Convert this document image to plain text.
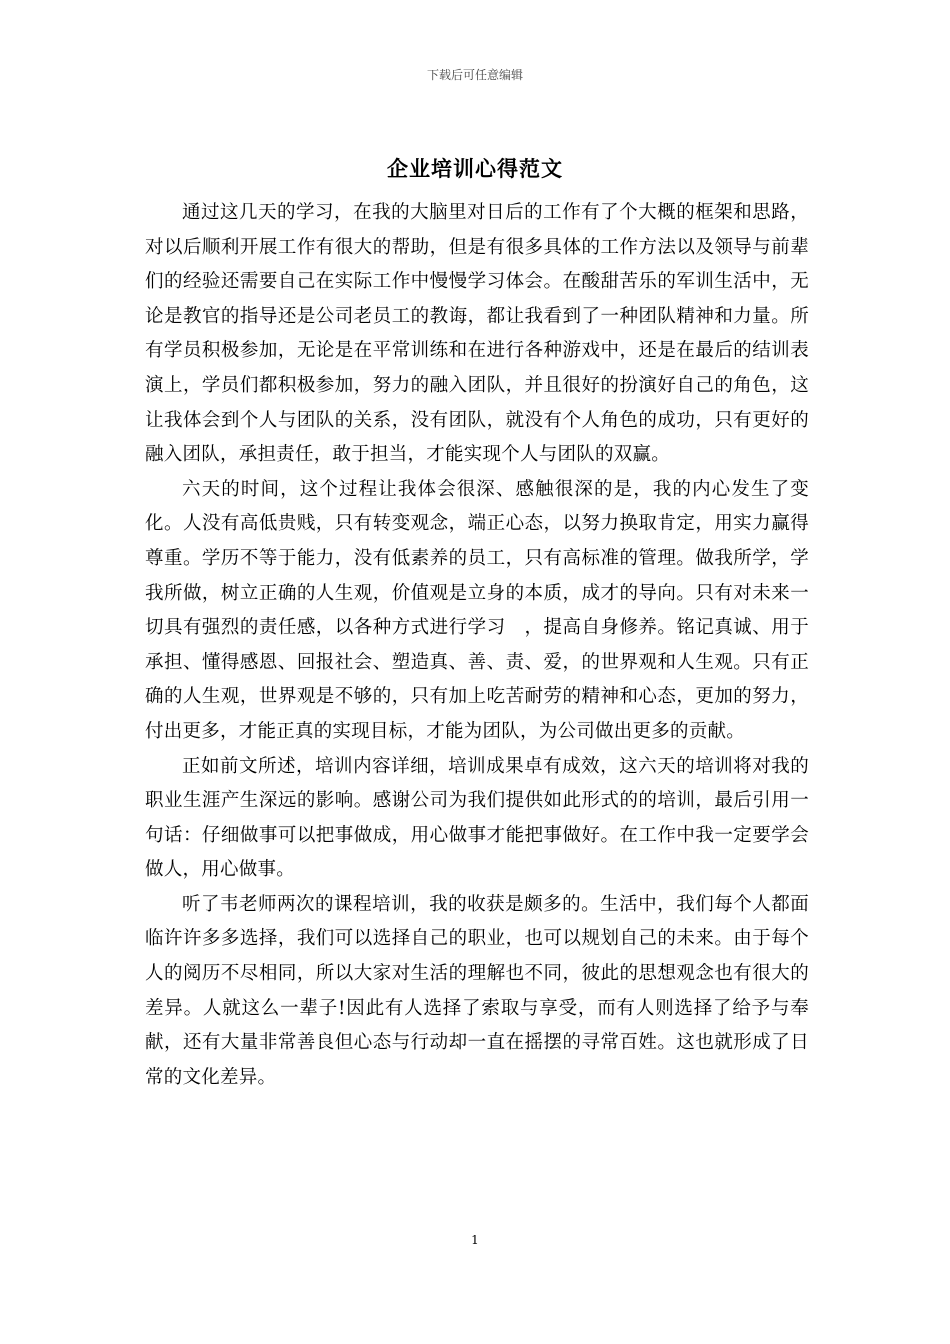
下载后可任意编辑
企业培训心得范文

通过这几天的学习，在我的大脑里对日后的工作有了个大概的框架和思路，对以后顺利开展工作有很大的帮助，但是有很多具体的工作方法以及领导与前辈们的经验还需要自己在实际工作中慢慢学习体会。在酸甜苦乐的军训生活中，无论是教官的指导还是公司老员工的教诲，都让我看到了一种团队精神和力量。所有学员积极参加，无论是在平常训练和在进行各种游戏中，还是在最后的结训表演上，学员们都积极参加，努力的融入团队，并且很好的扮演好自己的角色，这让我体会到个人与团队的关系，没有团队，就没有个人角色的成功，只有更好的融入团队，承担责任，敢于担当，才能实现个人与团队的双赢。

六天的时间，这个过程让我体会很深、感触很深的是，我的内心发生了变化。人没有高低贵贱，只有转变观念，端正心态，以努力换取肯定，用实力赢得尊重。学历不等于能力，没有低素养的员工，只有高标准的管理。做我所学，学我所做，树立正确的人生观，价值观是立身的本质，成才的导向。只有对未来一切具有强烈的责任感，以各种方式进行学习　，提高自身修养。铭记真诚、用于承担、懂得感恩、回报社会、塑造真、善、责、爱，的世界观和人生观。只有正确的人生观，世界观是不够的，只有加上吃苦耐劳的精神和心态，更加的努力，付出更多，才能正真的实现目标，才能为团队，为公司做出更多的贡献。

正如前文所述，培训内容详细，培训成果卓有成效，这六天的培训将对我的职业生涯产生深远的影响。感谢公司为我们提供如此形式的的培训，最后引用一句话：仔细做事可以把事做成，用心做事才能把事做好。在工作中我一定要学会做人，用心做事。

听了韦老师两次的课程培训，我的收获是颇多的。生活中，我们每个人都面临许许多多选择，我们可以选择自己的职业，也可以规划自己的未来。由于每个人的阅历不尽相同，所以大家对生活的理解也不同，彼此的思想观念也有很大的差异。人就这么一辈子!因此有人选择了索取与享受，而有人则选择了给予与奉献，还有大量非常善良但心态与行动却一直在摇摆的寻常百姓。这也就形成了日常的文化差异。

1
